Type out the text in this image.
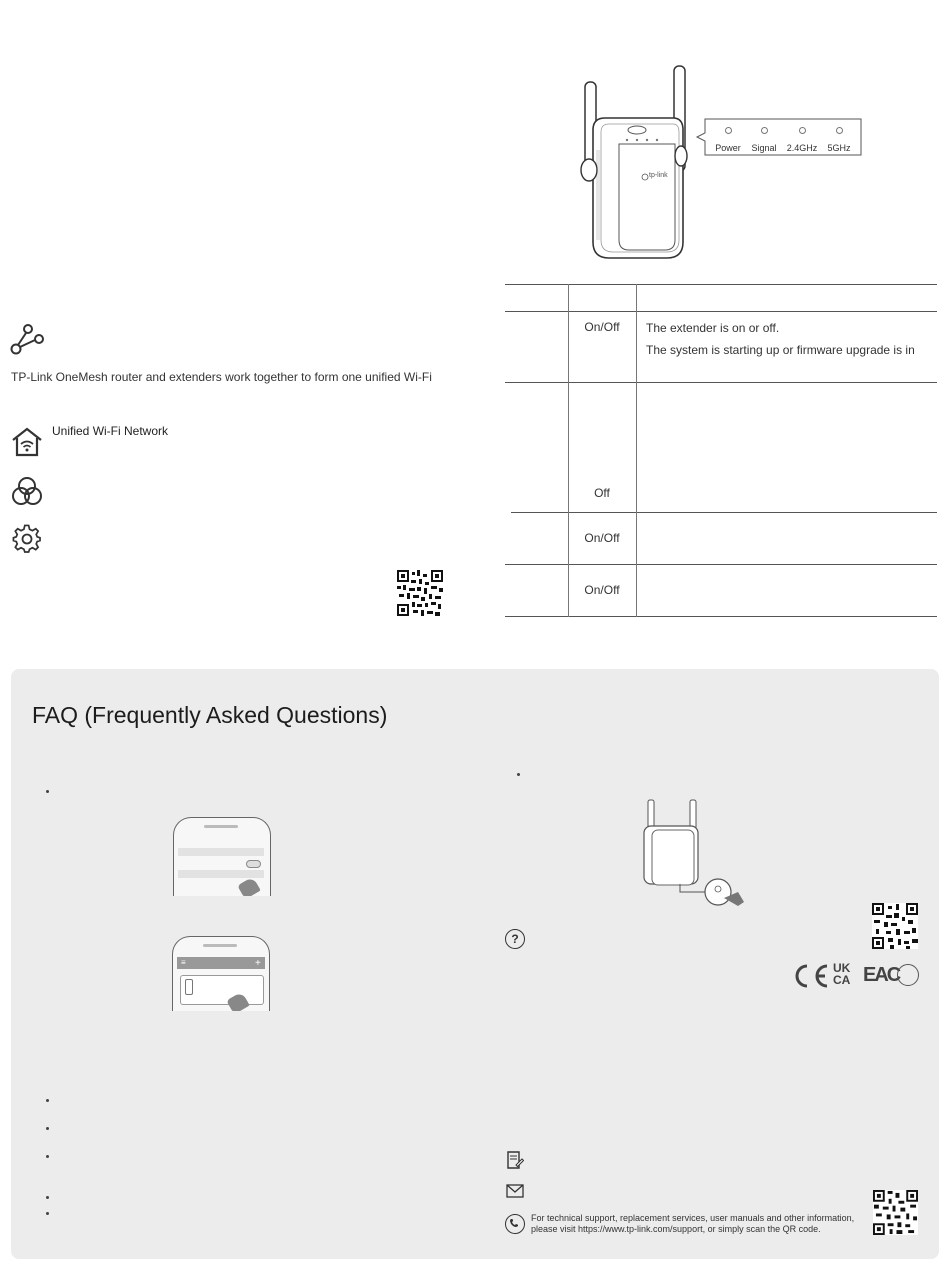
TP-Link OneMesh router and extenders work together to form one unified Wi-Fi
Unified Wi-Fi Network
tp-link
Power	Signal	2.4GHz	5GHz
On/Off	The extender is on or off.
The system is starting up or firmware upgrade is in
Off
On/Off
On/Off
FAQ (Frequently Asked Questions)
≡	+
?
UK
CA EAC
For technical support, replacement services, user manuals and other information,
please visit https://www.tp-link.com/support, or simply scan the QR code.
